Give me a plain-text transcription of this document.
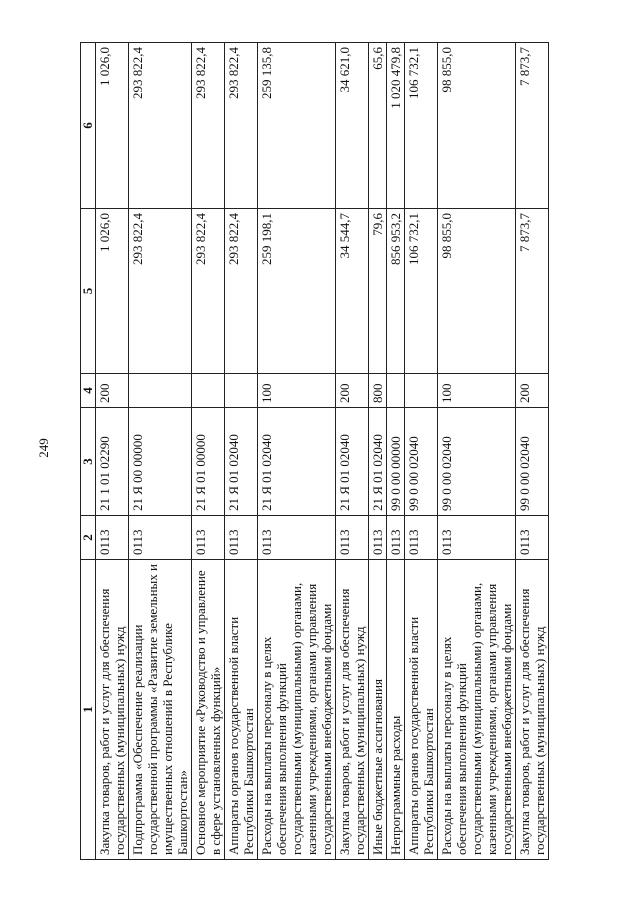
249
1	2	3	4	5	6
Закупка товаров, работ и услуг для обеспечения государственных (муниципальных) нужд	0113	21 1 01 02290	200	1 026,0	1 026,0
Подпрограмма «Обеспечение реализации государственной программы «Развитие земельных и имущественных отношений в Республике Башкортостан»	0113	21 Я 00 00000		293 822,4	293 822,4
Основное мероприятие «Руководство и управление в сфере установленных функций»	0113	21 Я 01 00000		293 822,4	293 822,4
Аппараты органов государственной власти Республики Башкортостан	0113	21 Я 01 02040		293 822,4	293 822,4
Расходы на выплаты персоналу в целях обеспечения выполнения функций государственными (муниципальными) органами, казенными учреждениями, органами управления государственными внебюджетными фондами	0113	21 Я 01 02040	100	259 198,1	259 135,8
Закупка товаров, работ и услуг для обеспечения государственных (муниципальных) нужд	0113	21 Я 01 02040	200	34 544,7	34 621,0
Иные бюджетные ассигнования	0113	21 Я 01 02040	800	79,6	65,6
Непрограммные расходы	0113	99 0 00 00000		856 953,2	1 020 479,8
Аппараты органов государственной власти Республики Башкортостан	0113	99 0 00 02040		106 732,1	106 732,1
Расходы на выплаты персоналу в целях обеспечения выполнения функций государственными (муниципальными) органами, казенными учреждениями, органами управления государственными внебюджетными фондами	0113	99 0 00 02040	100	98 855,0	98 855,0
Закупка товаров, работ и услуг для обеспечения государственных (муниципальных) нужд	0113	99 0 00 02040	200	7 873,7	7 873,7
